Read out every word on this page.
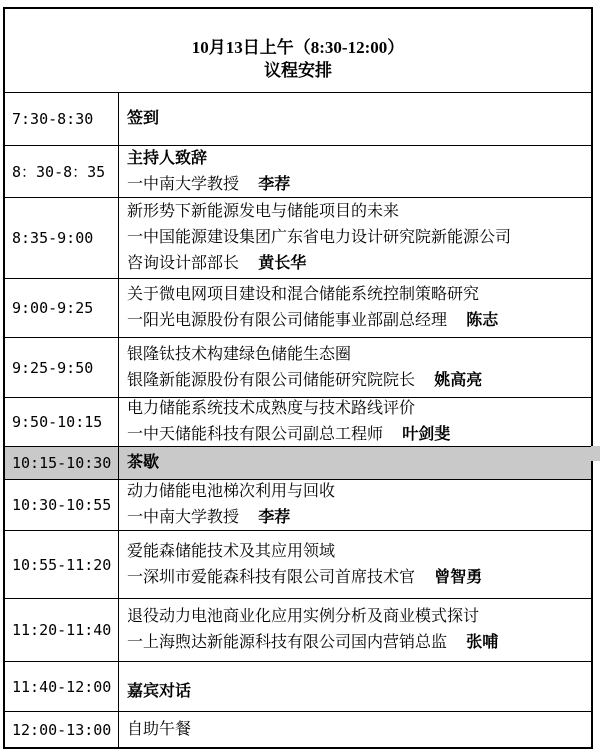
10月13日上午（8:30-12:00）
议程安排
7:30-8:30	签到
8：30-8：35
主持人致辞
一中南大学教授 李荐
8:35-9:00
新形势下新能源发电与储能项目的未来
一中国能源建设集团广东省电力设计研究院新能源公司
咨询设计部部长 黄长华
9:00-9:25
关于微电网项目建设和混合储能系统控制策略研究
一阳光电源股份有限公司储能事业部副总经理 陈志
9:25-9:50
银隆钛技术构建绿色储能生态圈
银隆新能源股份有限公司储能研究院院长 姚高亮
9:50-10:15
电力储能系统技术成熟度与技术路线评价
一中天储能科技有限公司副总工程师 叶剑斐
10:15-10:30 茶歇
10:30-10:55
动力储能电池梯次利用与回收
一中南大学教授 李荐
10:55-11:20
爱能森储能技术及其应用领域
一深圳市爱能森科技有限公司首席技术官 曾智勇
11:20-11:40
退役动力电池商业化应用实例分析及商业模式探讨
一上海煦达新能源科技有限公司国内营销总监 张哺
11:40-12:00 嘉宾对话
12:00-13:00 自助午餐
